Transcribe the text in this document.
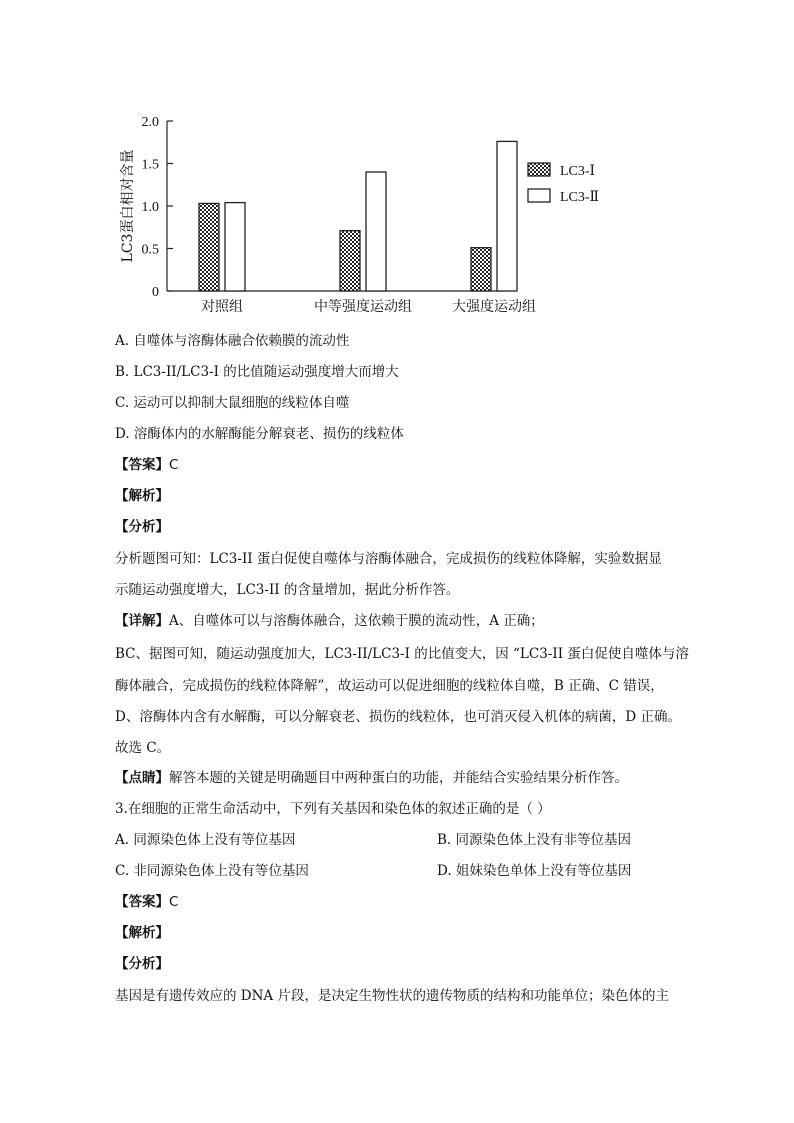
2.0
1.5
1.0
0.5
0
LC3蛋白相对含量
对照组	中等强度运动组	大强度运动组
LC3-Ⅰ
LC3-Ⅱ
A. 自噬体与溶酶体融合依赖膜的流动性
B. LC3-II/LC3-I 的比值随运动强度增大而增大
C. 运动可以抑制大鼠细胞的线粒体自噬
D. 溶酶体内的水解酶能分解衰老、损伤的线粒体
【答案】C
【解析】
【分析】
分析题图可知：LC3-II 蛋白促使自噬体与溶酶体融合，完成损伤的线粒体降解，实验数据显
示随运动强度增大，LC3-II 的含量增加，据此分析作答。
【详解】A、自噬体可以与溶酶体融合，这依赖于膜的流动性，A 正确；
BC、据图可知，随运动强度加大，LC3-II/LC3-I 的比值变大，因 “LC3-II 蛋白促使自噬体与溶
酶体融合，完成损伤的线粒体降解”，故运动可以促进细胞的线粒体自噬，B 正确、C 错误，
D、溶酶体内含有水解酶，可以分解衰老、损伤的线粒体，也可消灭侵入机体的病菌，D 正确。
故选 C。
【点睛】解答本题的关键是明确题目中两种蛋白的功能，并能结合实验结果分析作答。
3.在细胞的正常生命活动中，下列有关基因和染色体的叙述正确的是（ ）
A. 同源染色体上没有等位基因	B. 同源染色体上没有非等位基因
C. 非同源染色体上没有等位基因	D. 姐妹染色单体上没有等位基因
【答案】C
【解析】
【分析】
基因是有遗传效应的 DNA 片段，是决定生物性状的遗传物质的结构和功能单位；染色体的主
